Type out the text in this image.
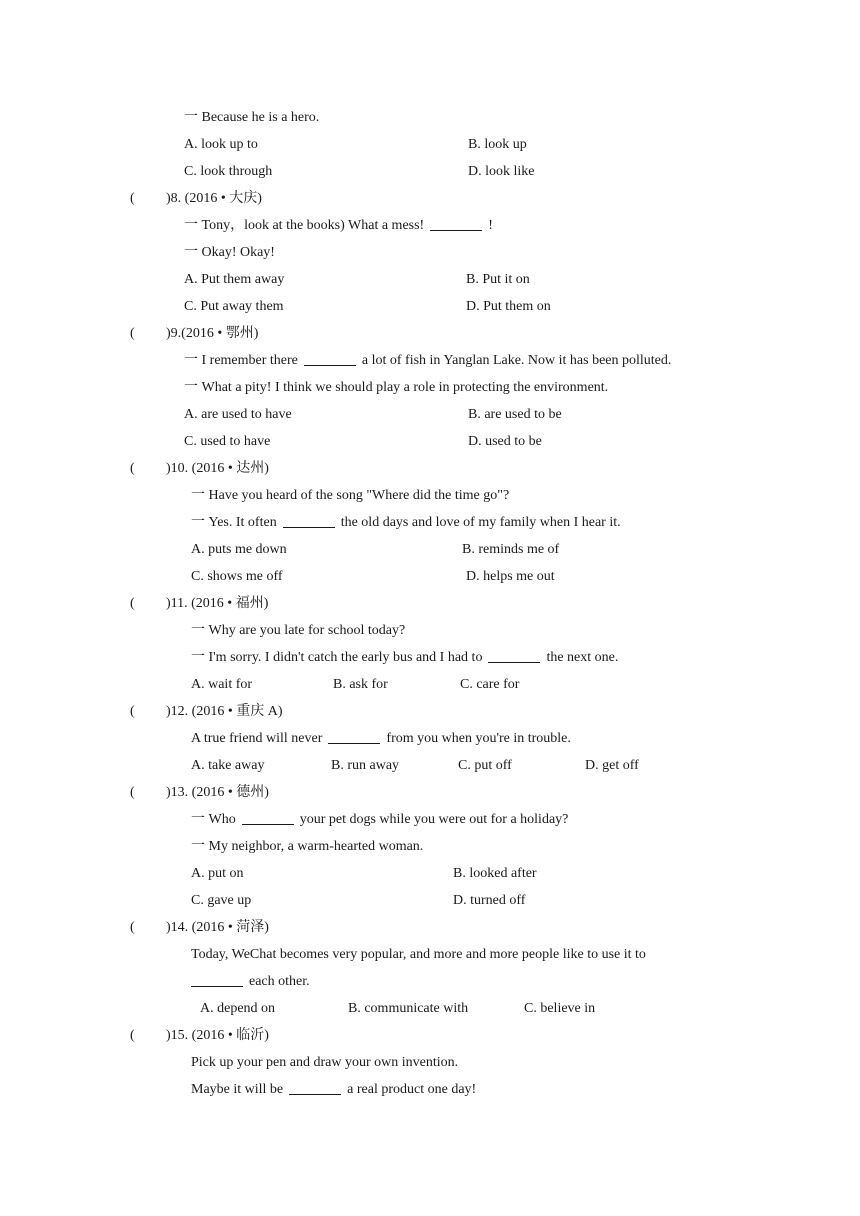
一 Because he is a hero.
A. look up to	B. look up
C. look through	D. look like
( )8. (2016 • 大庆)
一 Tony，look at the books) What a mess!	!
一 Okay! Okay!
A. Put them away	B. Put it on
C. Put away them	D. Put them on
( )9.(2016 • 鄂州)
一 I remember there	a lot of fish in Yanglan Lake. Now it has been polluted.
一 What a pity! I think we should play a role in protecting the environment.
A. are used to have	B. are used to be
C. used to have	D. used to be
( )10. (2016 • 达州)
一 Have you heard of the song "Where did the time go"?
一 Yes. It often	the old days and love of my family when I hear it.
A. puts me down	B. reminds me of
C. shows me off	D. helps me out
( )11. (2016 • 福州)
一 Why are you late for school today?
一 I'm sorry. I didn't catch the early bus and I had to	the next one.
A. wait for	B. ask for	C. care for
( )12. (2016 • 重庆 A)
A true friend will never	from you when you're in trouble.
A. take away	B. run away	C. put off	D. get off
( )13. (2016 • 德州)
一 Who	your pet dogs while you were out for a holiday?
一 My neighbor, a warm-hearted woman.
A. put on	B. looked after
C. gave up	D. turned off
( )14. (2016 • 菏泽)
Today, WeChat becomes very popular, and more and more people like to use it to
each other.
A. depend on	B. communicate with	C. believe in
( )15. (2016 • 临沂)
Pick up your pen and draw your own invention.
Maybe it will be	a real product one day!
